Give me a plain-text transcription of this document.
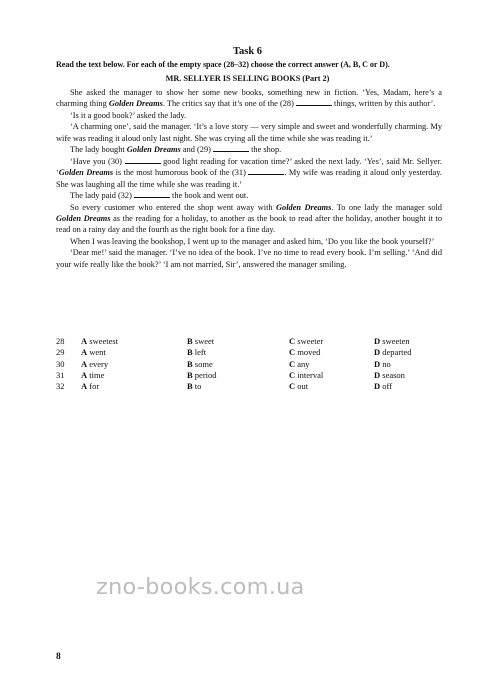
Task 6
Read the text below. For each of the empty space (28–32) choose the correct answer (A, B, C or D).
MR. SELLYER IS SELLING BOOKS (Part 2)

She asked the manager to show her some new books, something new in fiction. ‘Yes, Madam, here’s a charming thing Golden Dreams. The critics say that it’s one of the (28)	things, written by this author’.

‘Is it a good book?’ asked the lady.

‘A charming one’, said the manager. ‘It’s a love story — very simple and sweet and wonderfully charming. My wife was reading it aloud only last night. She was crying all the time while she was reading it.’

The lady bought Golden Dreams and (29)	the shop.

‘Have you (30)	good light reading for vacation time?’ asked the next lady. ‘Yes’, said Mr. Sellyer. ‘Golden Dreams is the most humorous book of the (31)	. My wife was reading it aloud only yesterday. She was laughing all the time while she was reading it.’

The lady paid (32)	the book and went out.

So every customer who entered the shop went away with Golden Dreams. To one lady the manager sold Golden Dreams as the reading for a holiday, to another as the book to read after the holiday, another bought it to read on a rainy day and the fourth as the right book for a fine day.

When I was leaving the bookshop, I went up to the manager and asked him, ‘Do you like the book yourself?’

‘Dear me!’ said the manager. ‘I’ve no idea of the book. I’ve no time to read every book. I’m selling.’ ‘And did your wife really like the book?’ ‘I am not married, Sir’, answered the manager smiling.

28 A sweetest	B sweet	C sweeter	D sweeten
29 A went	B left	C moved	D departed
30 A every	B some	C any	D no
31 A time	B period	C interval	D season
32 A for	B to	C out	D off
zno-books.com.ua
8
